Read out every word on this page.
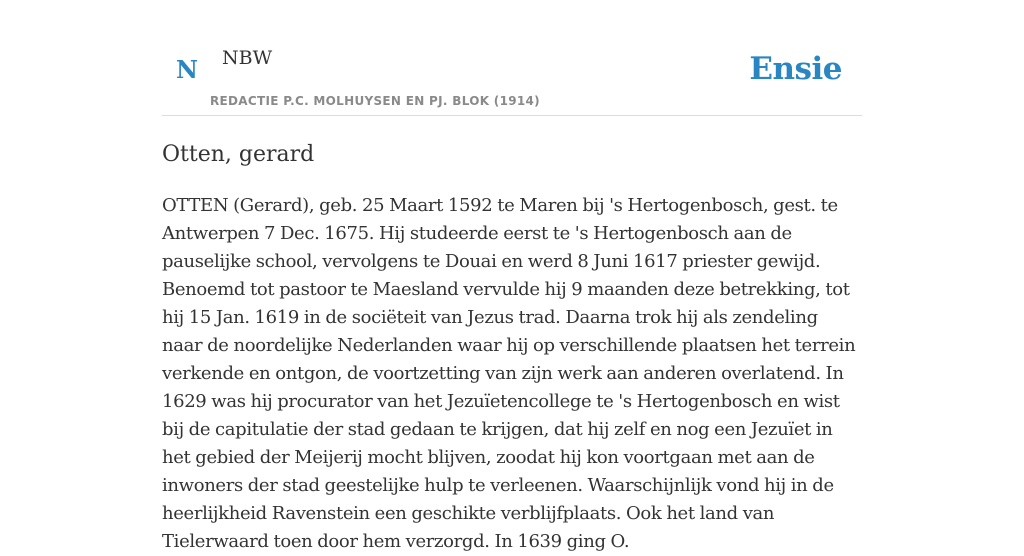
N NBW
REDACTIE P.C. MOLHUYSEN EN PJ. BLOK (1914)
Ensie
Otten, gerard

OTTEN (Gerard), geb. 25 Maart 1592 te Maren bij 's Hertogenbosch, gest. te Antwerpen 7 Dec. 1675. Hij studeerde eerst te 's Hertogenbosch aan de pauselijke school, vervolgens te Douai en werd 8 Juni 1617 priester gewijd. Benoemd tot pastoor te Maesland vervulde hij 9 maanden deze betrekking, tot hij 15 Jan. 1619 in de sociëteit van Jezus trad. Daarna trok hij als zendeling naar de noordelijke Nederlanden waar hij op verschillende plaatsen het terrein verkende en ontgon, de voortzetting van zijn werk aan anderen overlatend. In 1629 was hij procurator van het Jezuïetencollege te 's Hertogenbosch en wist bij de capitulatie der stad gedaan te krijgen, dat hij zelf en nog een Jezuïet in het gebied der Meijerij mocht blijven, zoodat hij kon voortgaan met aan de inwoners der stad geestelijke hulp te verleenen. Waarschijnlijk vond hij in de heerlijkheid Ravenstein een geschikte verblijfplaats. Ook het land van Tielerwaard toen door hem verzorgd. In 1639 ging O.
